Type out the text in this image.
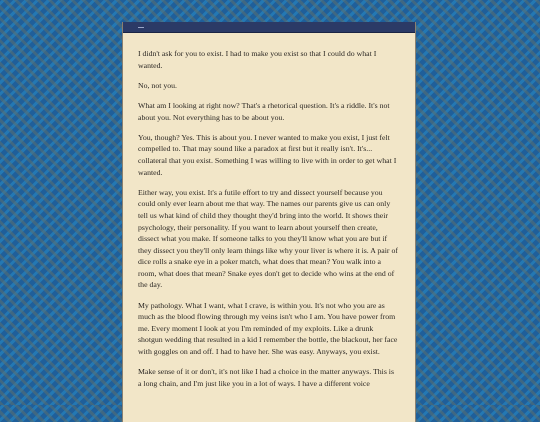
I didn't ask for you to exist. I had to make you exist so that I could do what I wanted.

No, not you.

What am I looking at right now? That's a rhetorical question. It's a riddle. It's not about you. Not everything has to be about you.

You, though? Yes. This is about you. I never wanted to make you exist, I just felt compelled to. That may sound like a paradox at first but it really isn't. It's... collateral that you exist. Something I was willing to live with in order to get what I wanted.

Either way, you exist. It's a futile effort to try and dissect yourself because you could only ever learn about me that way. The names our parents give us can only tell us what kind of child they thought they'd bring into the world. It shows their psychology, their personality. If you want to learn about yourself then create, dissect what you make. If someone talks to you they'll know what you are but if they dissect you they'll only learn things like why your liver is where it is. A pair of dice rolls a snake eye in a poker match, what does that mean? You walk into a room, what does that mean? Snake eyes don't get to decide who wins at the end of the day.

My pathology. What I want, what I crave, is within you. It's not who you are as much as the blood flowing through my veins isn't who I am. You have power from me. Every moment I look at you I'm reminded of my exploits. Like a drunk shotgun wedding that resulted in a kid I remember the bottle, the blackout, her face with goggles on and off. I had to have her. She was easy. Anyways, you exist.

Make sense of it or don't, it's not like I had a choice in the matter anyways. This is a long chain, and I'm just like you in a lot of ways. I have a different voice
